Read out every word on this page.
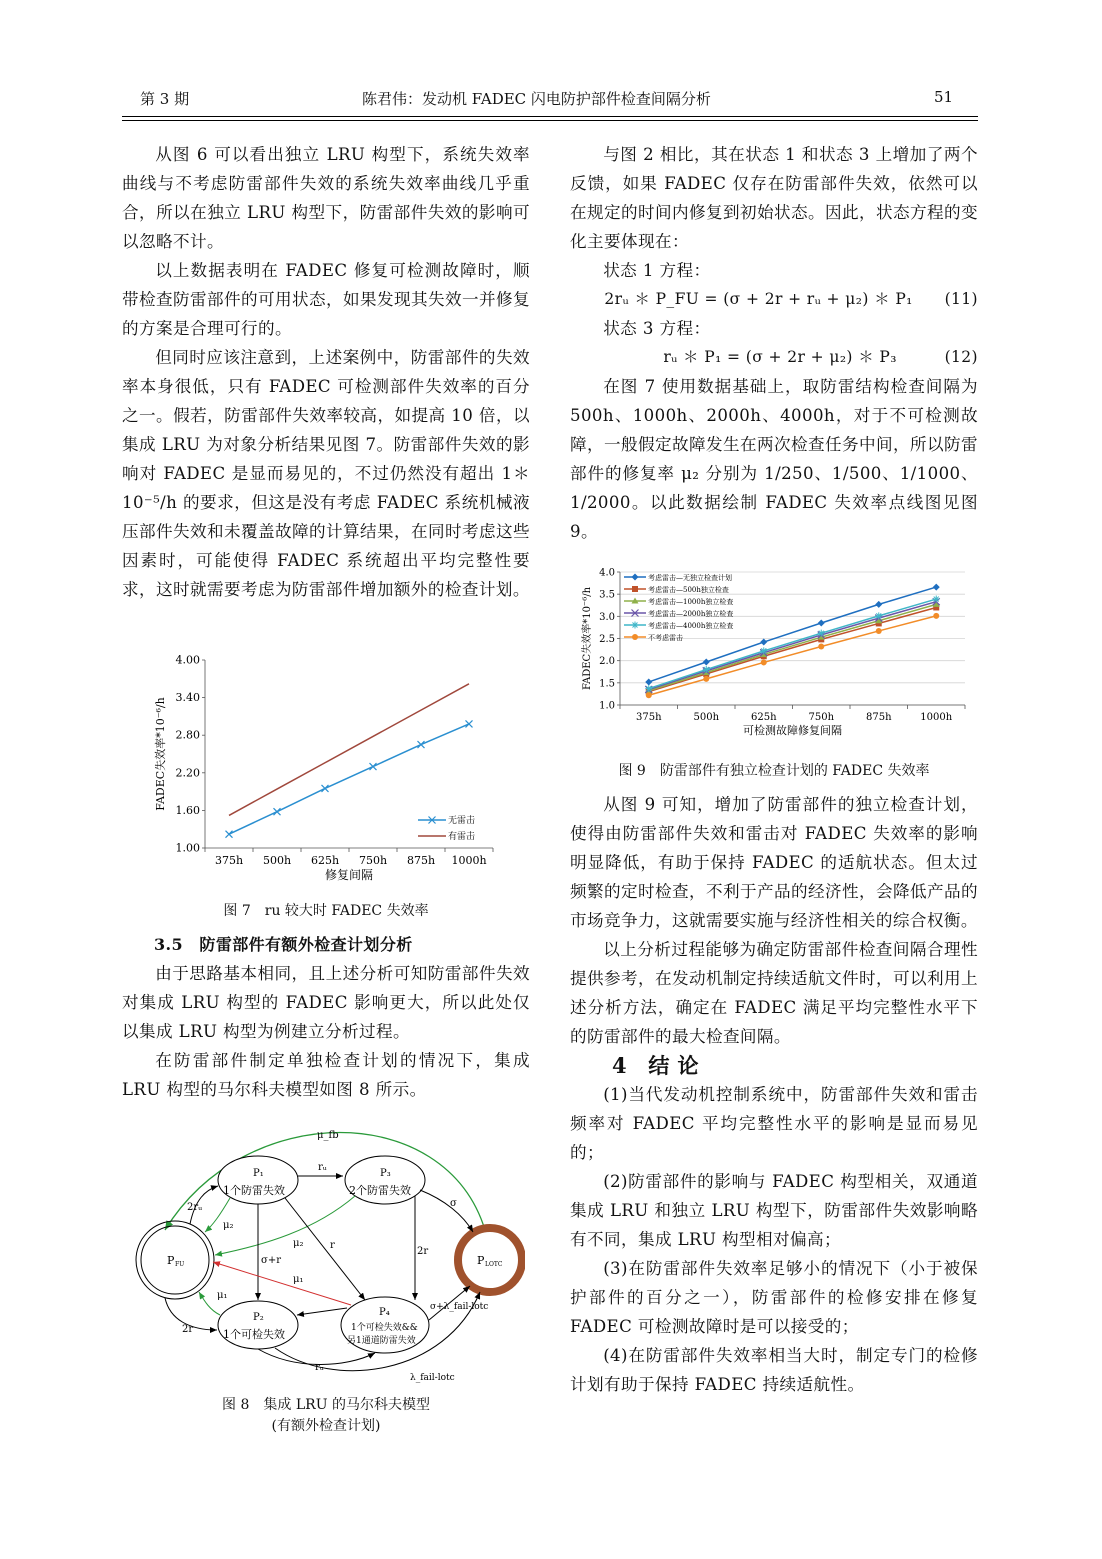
第 3 期	陈君伟：发动机 FADEC 闪电防护部件检查间隔分析	51

从图 6 可以看出独立 LRU 构型下，系统失效率曲线与不考虑防雷部件失效的系统失效率曲线几乎重合，所以在独立 LRU 构型下，防雷部件失效的影响可以忽略不计。

以上数据表明在 FADEC 修复可检测故障时，顺带检查防雷部件的可用状态，如果发现其失效一并修复的方案是合理可行的。

但同时应该注意到，上述案例中，防雷部件的失效率本身很低，只有 FADEC 可检测部件失效率的百分之一。假若，防雷部件失效率较高，如提高 10 倍，以集成 LRU 为对象分析结果见图 7。防雷部件失效的影响对 FADEC 是显而易见的，不过仍然没有超出 1＊10⁻⁵/h 的要求，但这是没有考虑 FADEC 系统机械液压部件失效和未覆盖故障的计算结果，在同时考虑这些因素时，可能使得 FADEC 系统超出平均完整性要求，这时就需要考虑为防雷部件增加额外的检查计划。

1.00
1.60
2.20
2.80
3.40
4.00
375h 500h 625h 750h 875h 1000h
修复间隔
FADEC失效率*10⁻⁶/h
无雷击
有雷击
图 7　ru 较大时 FADEC 失效率

3.5　防雷部件有额外检查计划分析

由于思路基本相同，且上述分析可知防雷部件失效对集成 LRU 构型的 FADEC 影响更大，所以此处仅以集成 LRU 构型为例建立分析过程。

在防雷部件制定单独检查计划的情况下，集成 LRU 构型的马尔科夫模型如图 8 所示。

μ_fb
P FU
P₁
1个防雷失效
P₃
2个防雷失效
P₂
1个可检失效
P₄
1个可检失效&&
另1通道防雷失效
P LOTC
rᵤ
2rᵤ
μ₂
μ₂
σ+r
r
2r
σ
μ₁
μ₁
2r
rᵤ
σ+λ_fail-lotc
λ_fail-lotc
图 8　集成 LRU 的马尔科夫模型
(有额外检查计划)

与图 2 相比，其在状态 1 和状态 3 上增加了两个反馈，如果 FADEC 仅存在防雷部件失效，依然可以在规定的时间内修复到初始状态。因此，状态方程的变化主要体现在：

状态 1 方程：

2rᵤ ＊ P_FU = (σ + 2r + rᵤ + μ₂) ＊ P₁　　(11)

状态 3 方程：

rᵤ ＊ P₁ = (σ + 2r + μ₂) ＊ P₃　　　(12)

在图 7 使用数据基础上，取防雷结构检查间隔为 500h、1000h、2000h、4000h，对于不可检测故障，一般假定故障发生在两次检查任务中间，所以防雷部件的修复率 μ₂ 分别为 1/250、1/500、1/1000、1/2000。以此数据绘制 FADEC 失效率点线图见图 9。

1.0
1.5
2.0
2.5
3.0
3.5
4.0
375h	500h	625h	750h	875h	1000h
可检测故障修复间隔
FADEC失效率*10⁻⁶/h
考虑雷击—无独立检查计划
考虑雷击—500h独立检查
考虑雷击—1000h独立检查
考虑雷击—2000h独立检查
考虑雷击—4000h独立检查
不考虑雷击
图 9　防雷部件有独立检查计划的 FADEC 失效率

从图 9 可知，增加了防雷部件的独立检查计划，使得由防雷部件失效和雷击对 FADEC 失效率的影响明显降低，有助于保持 FADEC 的适航状态。但太过频繁的定时检查，不利于产品的经济性，会降低产品的市场竞争力，这就需要实施与经济性相关的综合权衡。

以上分析过程能够为确定防雷部件检查间隔合理性提供参考，在发动机制定持续适航文件时，可以利用上述分析方法，确定在 FADEC 满足平均完整性水平下的防雷部件的最大检查间隔。

4　结 论

(1)当代发动机控制系统中，防雷部件失效和雷击频率对 FADEC 平均完整性水平的影响是显而易见的；

(2)防雷部件的影响与 FADEC 构型相关，双通道集成 LRU 和独立 LRU 构型下，防雷部件失效影响略有不同，集成 LRU 构型相对偏高；

(3)在防雷部件失效率足够小的情况下（小于被保护部件的百分之一），防雷部件的检修安排在修复 FADEC 可检测故障时是可以接受的；

(4)在防雷部件失效率相当大时，制定专门的检修计划有助于保持 FADEC 持续适航性。
